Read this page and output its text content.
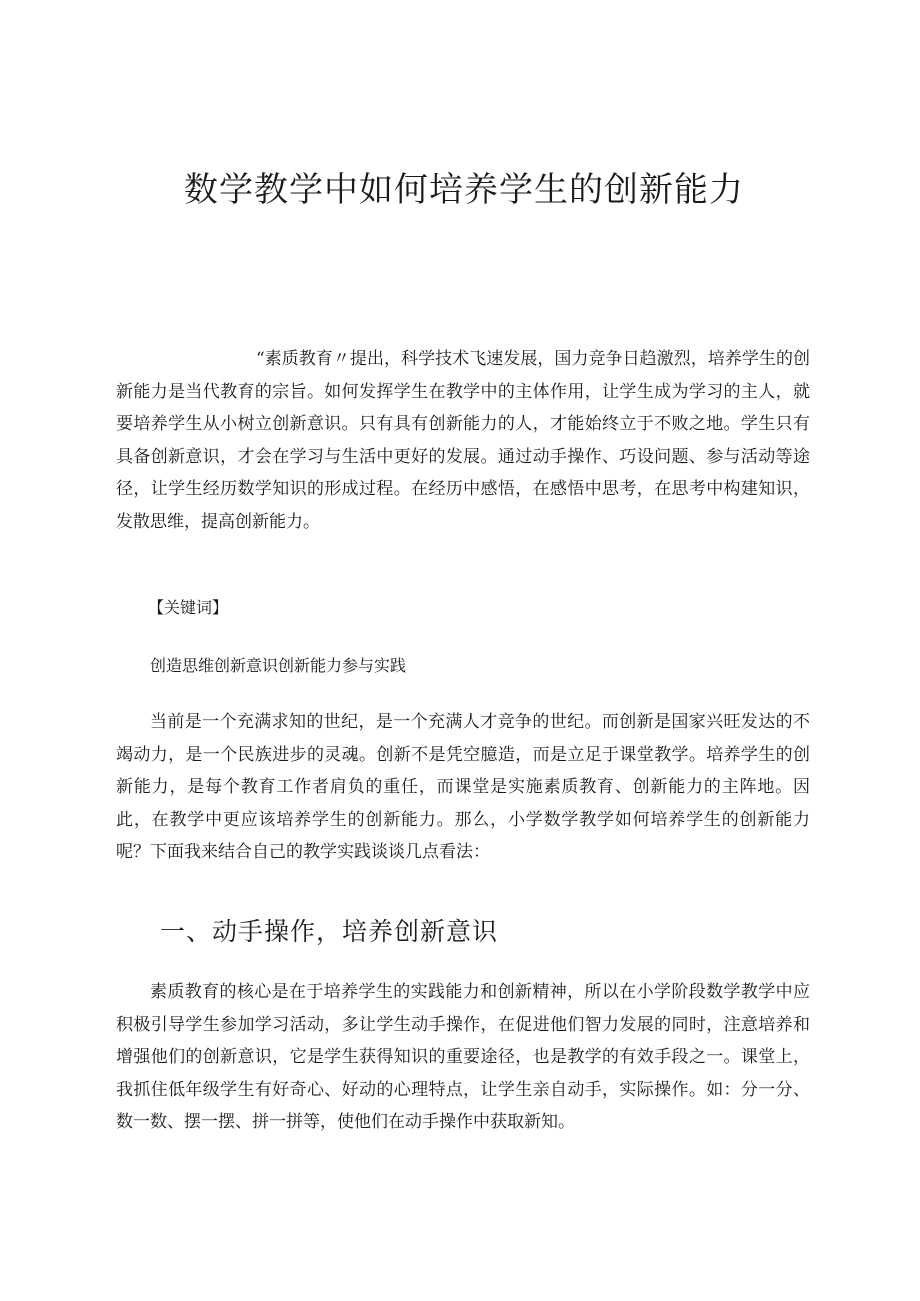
数学教学中如何培养学生的创新能力

“素质教育〃提出，科学技术飞速发展，国力竞争日趋激烈，培养学生的创新能力是当代教育的宗旨。如何发挥学生在教学中的主体作用，让学生成为学习的主人，就要培养学生从小树立创新意识。只有具有创新能力的人，才能始终立于不败之地。学生只有具备创新意识，才会在学习与生活中更好的发展。通过动手操作、巧设问题、参与活动等途径，让学生经历数学知识的形成过程。在经历中感悟，在感悟中思考，在思考中构建知识，发散思维，提高创新能力。

【关键词】
创造思维创新意识创新能力参与实践

当前是一个充满求知的世纪，是一个充满人才竞争的世纪。而创新是国家兴旺发达的不竭动力，是一个民族进步的灵魂。创新不是凭空臆造，而是立足于课堂教学。培养学生的创新能力，是每个教育工作者肩负的重任，而课堂是实施素质教育、创新能力的主阵地。因此，在教学中更应该培养学生的创新能力。那么，小学数学教学如何培养学生的创新能力呢？下面我来结合自己的教学实践谈谈几点看法：

一、动手操作，培养创新意识

素质教育的核心是在于培养学生的实践能力和创新精神，所以在小学阶段数学教学中应积极引导学生参加学习活动，多让学生动手操作，在促进他们智力发展的同时，注意培养和增强他们的创新意识，它是学生获得知识的重要途径，也是教学的有效手段之一。课堂上，我抓住低年级学生有好奇心、好动的心理特点，让学生亲自动手，实际操作。如：分一分、数一数、摆一摆、拼一拼等，使他们在动手操作中获取新知。
